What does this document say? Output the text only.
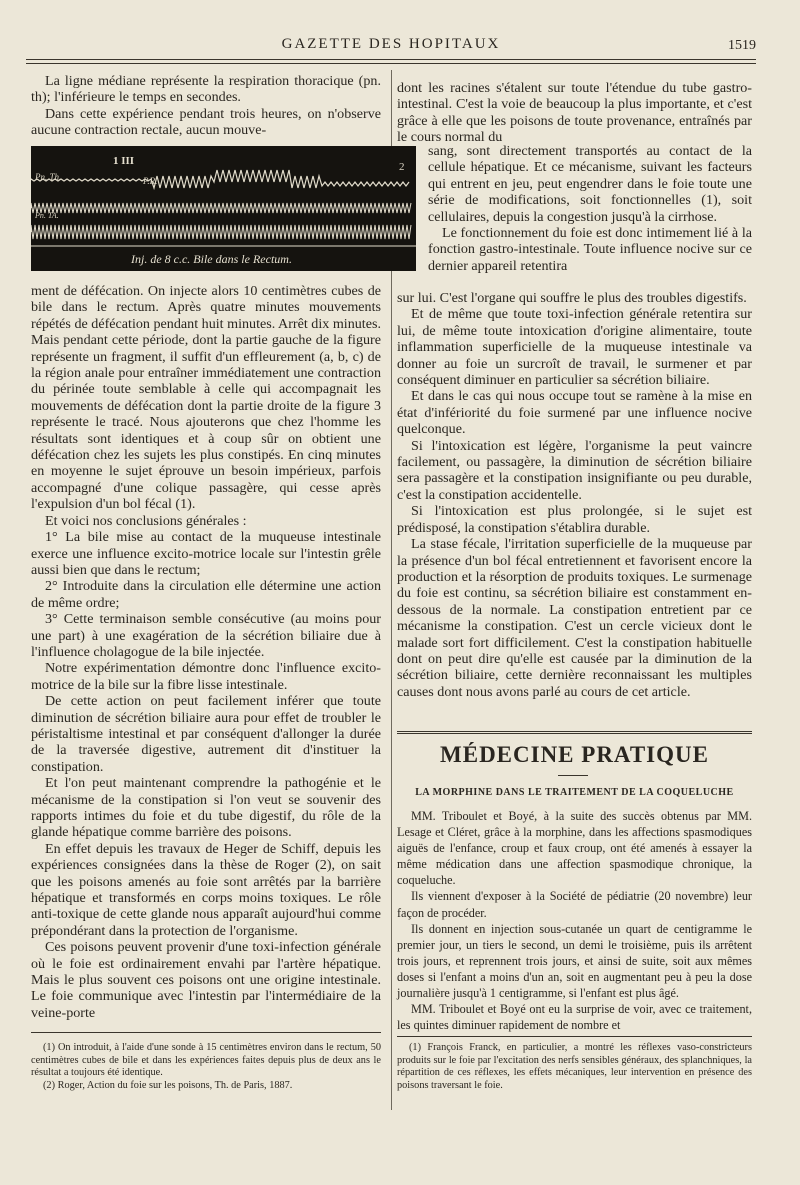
GAZETTE DES HOPITAUX	1519

La ligne médiane représente la respiration thoracique (pn. th); l'inférieure le temps en secondes.

Dans cette expérience pendant trois heures, on n'observe aucune contraction rectale, aucun mouve-

Pn. Th.	P.R.
Pn. TA.
1 III	2
Inj. de 8 c.c. Bile dans le Rectum.

ment de défécation. On injecte alors 10 centimètres cubes de bile dans le rectum. Après quatre minutes mouvements répétés de défécation pendant huit minutes. Arrêt dix minutes. Mais pendant cette période, dont la partie gauche de la figure représente un fragment, il suffit d'un effleurement (a, b, c) de la région anale pour entraîner immédiatement une contraction du périnée toute semblable à celle qui accompagnait les mouvements de défécation dont la partie droite de la figure 3 représente le tracé. Nous ajouterons que chez l'homme les résultats sont identiques et à coup sûr on obtient une défécation chez les sujets les plus constipés. En cinq minutes en moyenne le sujet éprouve un besoin impérieux, parfois accompagné d'une colique passagère, qui cesse après l'expulsion d'un bol fécal (1).

Et voici nos conclusions générales :

1° La bile mise au contact de la muqueuse intestinale exerce une influence excito-motrice locale sur l'intestin grêle aussi bien que dans le rectum;

2° Introduite dans la circulation elle détermine une action de même ordre;

3° Cette terminaison semble consécutive (au moins pour une part) à une exagération de la sécrétion biliaire due à l'influence cholagogue de la bile injectée.

Notre expérimentation démontre donc l'influence excito-motrice de la bile sur la fibre lisse intestinale.

De cette action on peut facilement inférer que toute diminution de sécrétion biliaire aura pour effet de troubler le péristaltisme intestinal et par conséquent d'allonger la durée de la traversée digestive, autrement dit d'instituer la constipation.

Et l'on peut maintenant comprendre la pathogénie et le mécanisme de la constipation si l'on veut se souvenir des rapports intimes du foie et du tube digestif, du rôle de la glande hépatique comme barrière des poisons.

En effet depuis les travaux de Heger de Schiff, depuis les expériences consignées dans la thèse de Roger (2), on sait que les poisons amenés au foie sont arrêtés par la barrière hépatique et transformés en corps moins toxiques. Le rôle anti-toxique de cette glande nous apparaît aujourd'hui comme prépondérant dans la protection de l'organisme.

Ces poisons peuvent provenir d'une toxi-infection générale où le foie est ordinairement envahi par l'artère hépatique. Mais le plus souvent ces poisons ont une origine intestinale. Le foie communique avec l'intestin par l'intermédiaire de la veine-porte

(1) On introduit, à l'aide d'une sonde à 15 centimètres environ dans le rectum, 50 centimètres cubes de bile et dans les expériences faites depuis plus de deux ans le résultat a toujours été identique.

(2) Roger, Action du foie sur les poisons, Th. de Paris, 1887.

dont les racines s'étalent sur toute l'étendue du tube gastro-intestinal. C'est la voie de beaucoup la plus importante, et c'est grâce à elle que les poisons de toute provenance, entraînés par le cours normal du

sang, sont directement transportés au contact de la cellule hépatique. Et ce mécanisme, suivant les facteurs qui entrent en jeu, peut engendrer dans le foie toute une série de modifications, soit fonctionnelles (1), soit cellulaires, depuis la congestion jusqu'à la cirrhose.

Le fonctionnement du foie est donc intimement lié à la fonction gastro-intestinale. Toute influence nocive sur ce dernier appareil retentira

sur lui. C'est l'organe qui souffre le plus des troubles digestifs.

Et de même que toute toxi-infection générale retentira sur lui, de même toute intoxication d'origine alimentaire, toute inflammation superficielle de la muqueuse intestinale va donner au foie un surcroît de travail, le surmener et par conséquent diminuer en particulier sa sécrétion biliaire.

Et dans le cas qui nous occupe tout se ramène à la mise en état d'infériorité du foie surmené par une influence nocive quelconque.

Si l'intoxication est légère, l'organisme la peut vaincre facilement, ou passagère, la diminution de sécrétion biliaire sera passagère et la constipation insignifiante ou peu durable, c'est la constipation accidentelle.

Si l'intoxication est plus prolongée, si le sujet est prédisposé, la constipation s'établira durable.

La stase fécale, l'irritation superficielle de la muqueuse par la présence d'un bol fécal entretiennent et favorisent encore la production et la résorption de produits toxiques. Le surmenage du foie est continu, sa sécrétion biliaire est constamment en-dessous de la normale. La constipation entretient par ce mécanisme la constipation. C'est un cercle vicieux dont le malade sort fort difficilement. C'est la constipation habituelle dont on peut dire qu'elle est causée par la diminution de la sécrétion biliaire, cette dernière reconnaissant les multiples causes dont nous avons parlé au cours de cet article.

MÉDECINE PRATIQUE
LA MORPHINE DANS LE TRAITEMENT DE LA COQUELUCHE

MM. Triboulet et Boyé, à la suite des succès obtenus par MM. Lesage et Cléret, grâce à la morphine, dans les affections spasmodiques aiguës de l'enfance, croup et faux croup, ont été amenés à essayer la même médication dans une affection spasmodique chronique, la coqueluche.

Ils viennent d'exposer à la Société de pédiatrie (20 novembre) leur façon de procéder.

Ils donnent en injection sous-cutanée un quart de centigramme le premier jour, un tiers le second, un demi le troisième, puis ils arrêtent trois jours, et reprennent trois jours, et ainsi de suite, soit aux mêmes doses si l'enfant a moins d'un an, soit en augmentant peu à peu la dose journalière jusqu'à 1 centigramme, si l'enfant est plus âgé.

MM. Triboulet et Boyé ont eu la surprise de voir, avec ce traitement, les quintes diminuer rapidement de nombre et

(1) François Franck, en particulier, a montré les réflexes vaso-constricteurs produits sur le foie par l'excitation des nerfs sensibles généraux, des splanchniques, la répartition de ces réflexes, les effets mécaniques, leur intervention en présence des poisons traversant le foie.
